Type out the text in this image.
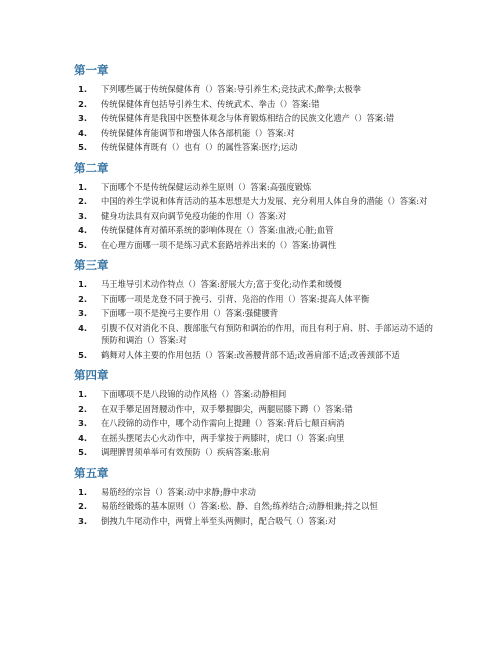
第一章
1.	下列哪些属于传统保健体育（）答案:导引养生术;竞技武术;醉拳;太极拳
2.	传统保健体育包括导引养生术、传统武术、拳击（）答案:错
3.	传统保健体育是我国中医整体观念与体育锻炼相结合的民族文化遗产（）答案:错
4.	传统保健体育能调节和增强人体各部机能（）答案:对
5.	传统保健体育既有（）也有（）的属性答案:医疗;运动
第二章
1.	下面哪个不是传统保健运动养生原则（）答案:高强度锻炼
2.	中国的养生学说和体育活动的基本思想是大力发展、充分利用人体自身的潜能（）答案:对
3.	健身功法具有双向调节免疫功能的作用（）答案:对
4.	传统保健体育对循环系统的影响体现在（）答案:血液;心脏;血管
5.	在心理方面哪一项不是练习武术套路培养出来的（）答案:协调性
第三章
1.	马王堆导引术动作特点（）答案:舒展大方;富于变化;动作柔和缓慢
2.	下面哪一项是龙登不同于挽弓、引背、凫浴的作用（）答案:提高人体平衡
3.	下面哪一项不是挽弓主要作用（）答案:强健腰背
4.	引腹不仅对消化不良、腹部胀气有预防和调治的作用，而且有利于肩、肘、手部运动不适的预防和调治（）答案:对
5.	鹤舞对人体主要的作用包括（）答案:改善腰背部不适;改善肩部不适;改善颈部不适
第四章
1.	下面哪项不是八段锦的动作风格（）答案:动静相间
2.	在双手攀足固肾腰动作中，双手攀握脚尖，两腿屈膝下蹲（）答案:错
3.	在八段锦的动作中，哪个动作需向上提踵（）答案:背后七颠百病消
4.	在摇头摆尾去心火动作中，两手掌按于两膝时，虎口（）答案:向里
5.	调理脾胃须单举可有效预防（）疾病答案:胀肩
第五章
1.	易筋经的宗旨（）答案:动中求静;静中求动
2.	易筋经锻炼的基本原则（）答案:松、静、自然;练养结合;动静相兼;持之以恒
3.	倒拽九牛尾动作中，两臂上举至头两侧时，配合吸气（）答案:对
